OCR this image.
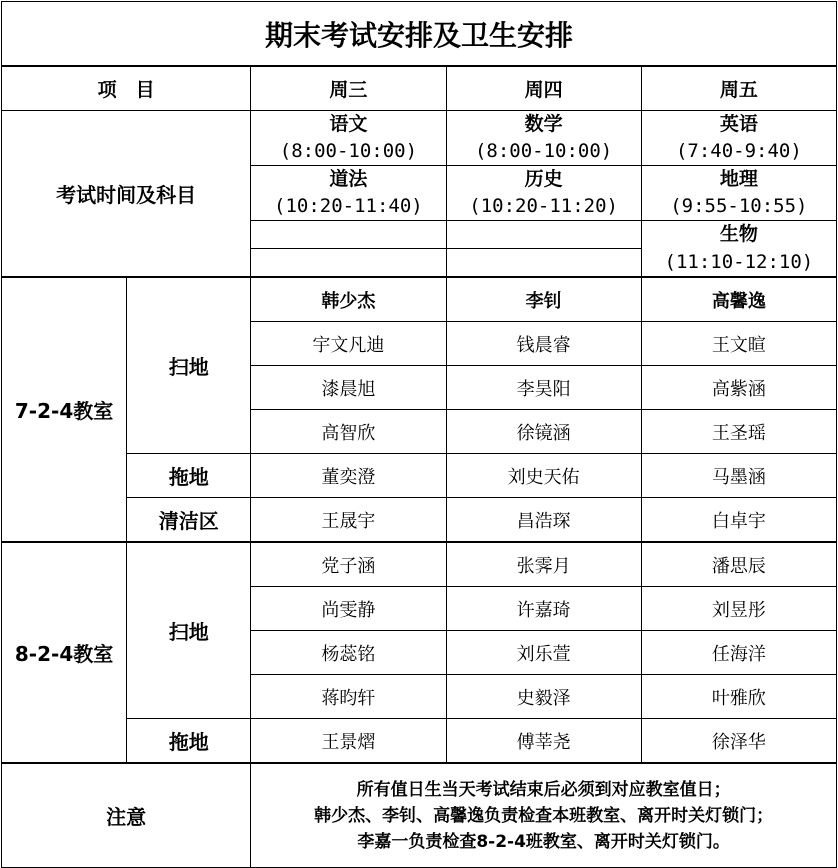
期末考试安排及卫生安排				
项　目		周三	周四	周五
考试时间及科目		语文	数学	英语
		(8:00-10:00)	(8:00-10:00)	(7:40-9:40)
		道法	历史	地理
		(10:20-11:40)	(10:20-11:20)	(9:55-10:55)
				生物
				(11:10-12:10)
7-2-4教室	扫地	韩少杰	李钊	高馨逸
		宇文凡迪	钱晨睿	王文暄
		漆晨旭	李昊阳	高紫涵
		高智欣	徐镜涵	王圣瑶
	拖地	董奕澄	刘史天佑	马墨涵
	清洁区	王晟宇	昌浩琛	白卓宇
8-2-4教室	扫地	党子涵	张霁月	潘思辰
		尚雯静	许嘉琦	刘昱彤
		杨蕊铭	刘乐萱	任海洋
		蒋昀轩	史毅泽	叶雅欣
	拖地	王景熠	傅莘尧	徐泽华
注意		所有值日生当天考试结束后必须到对应教室值日；
韩少杰、李钊、高馨逸负责检查本班教室、离开时关灯锁门；
李嘉一负责检查8-2-4班教室、离开时关灯锁门。		
